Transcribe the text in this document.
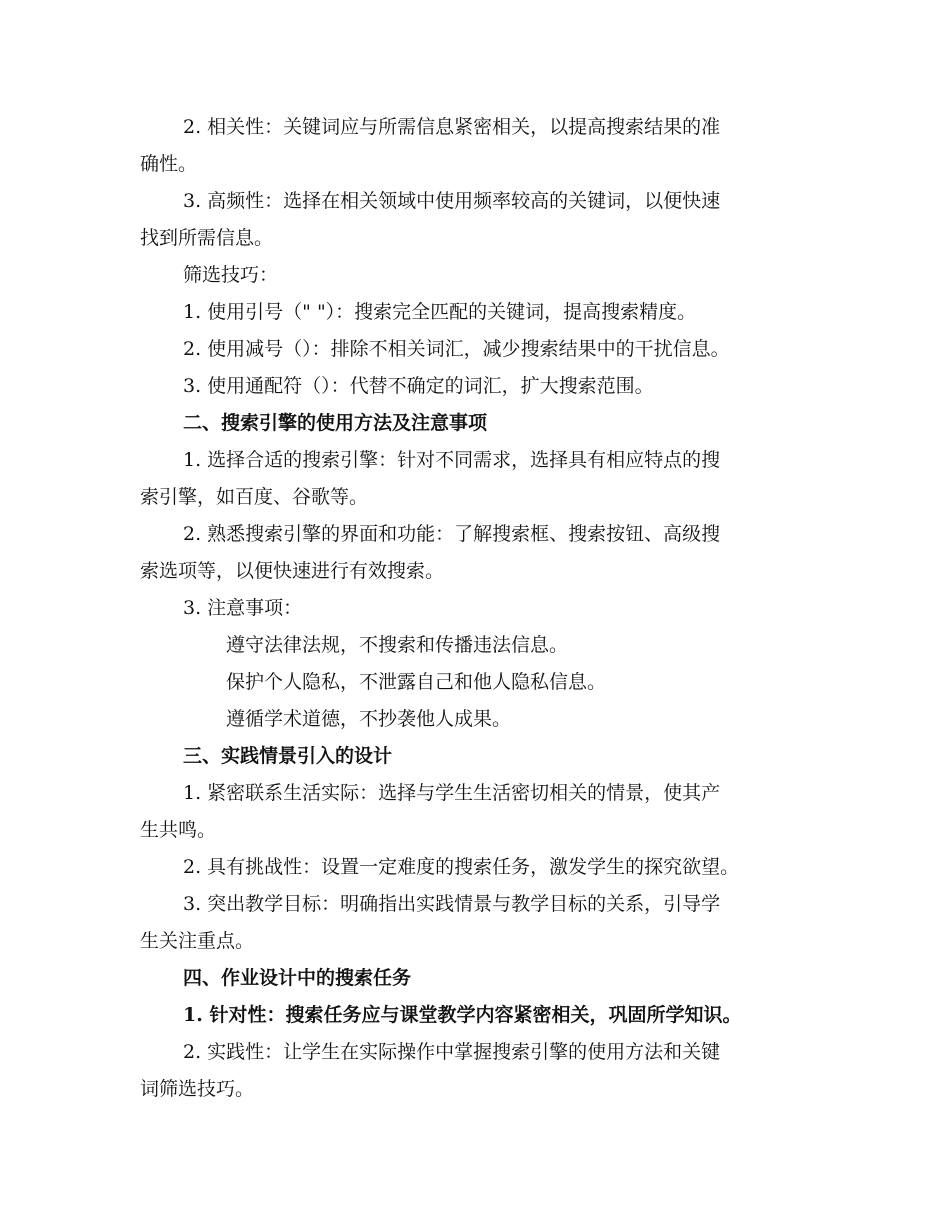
2. 相关性：关键词应与所需信息紧密相关，以提高搜索结果的准
确性。
3. 高频性：选择在相关领域中使用频率较高的关键词，以便快速
找到所需信息。
筛选技巧：
1. 使用引号（" "）：搜索完全匹配的关键词，提高搜索精度。
2. 使用减号（）：排除不相关词汇，减少搜索结果中的干扰信息。
3. 使用通配符（）：代替不确定的词汇，扩大搜索范围。
二、搜索引擎的使用方法及注意事项
1. 选择合适的搜索引擎：针对不同需求，选择具有相应特点的搜
索引擎，如百度、谷歌等。
2. 熟悉搜索引擎的界面和功能：了解搜索框、搜索按钮、高级搜
索选项等，以便快速进行有效搜索。
3. 注意事项：
遵守法律法规，不搜索和传播违法信息。
保护个人隐私，不泄露自己和他人隐私信息。
遵循学术道德，不抄袭他人成果。
三、实践情景引入的设计
1. 紧密联系生活实际：选择与学生生活密切相关的情景，使其产
生共鸣。
2. 具有挑战性：设置一定难度的搜索任务，激发学生的探究欲望。
3. 突出教学目标：明确指出实践情景与教学目标的关系，引导学
生关注重点。
四、作业设计中的搜索任务
1. 针对性：搜索任务应与课堂教学内容紧密相关，巩固所学知识。
2. 实践性：让学生在实际操作中掌握搜索引擎的使用方法和关键
词筛选技巧。
